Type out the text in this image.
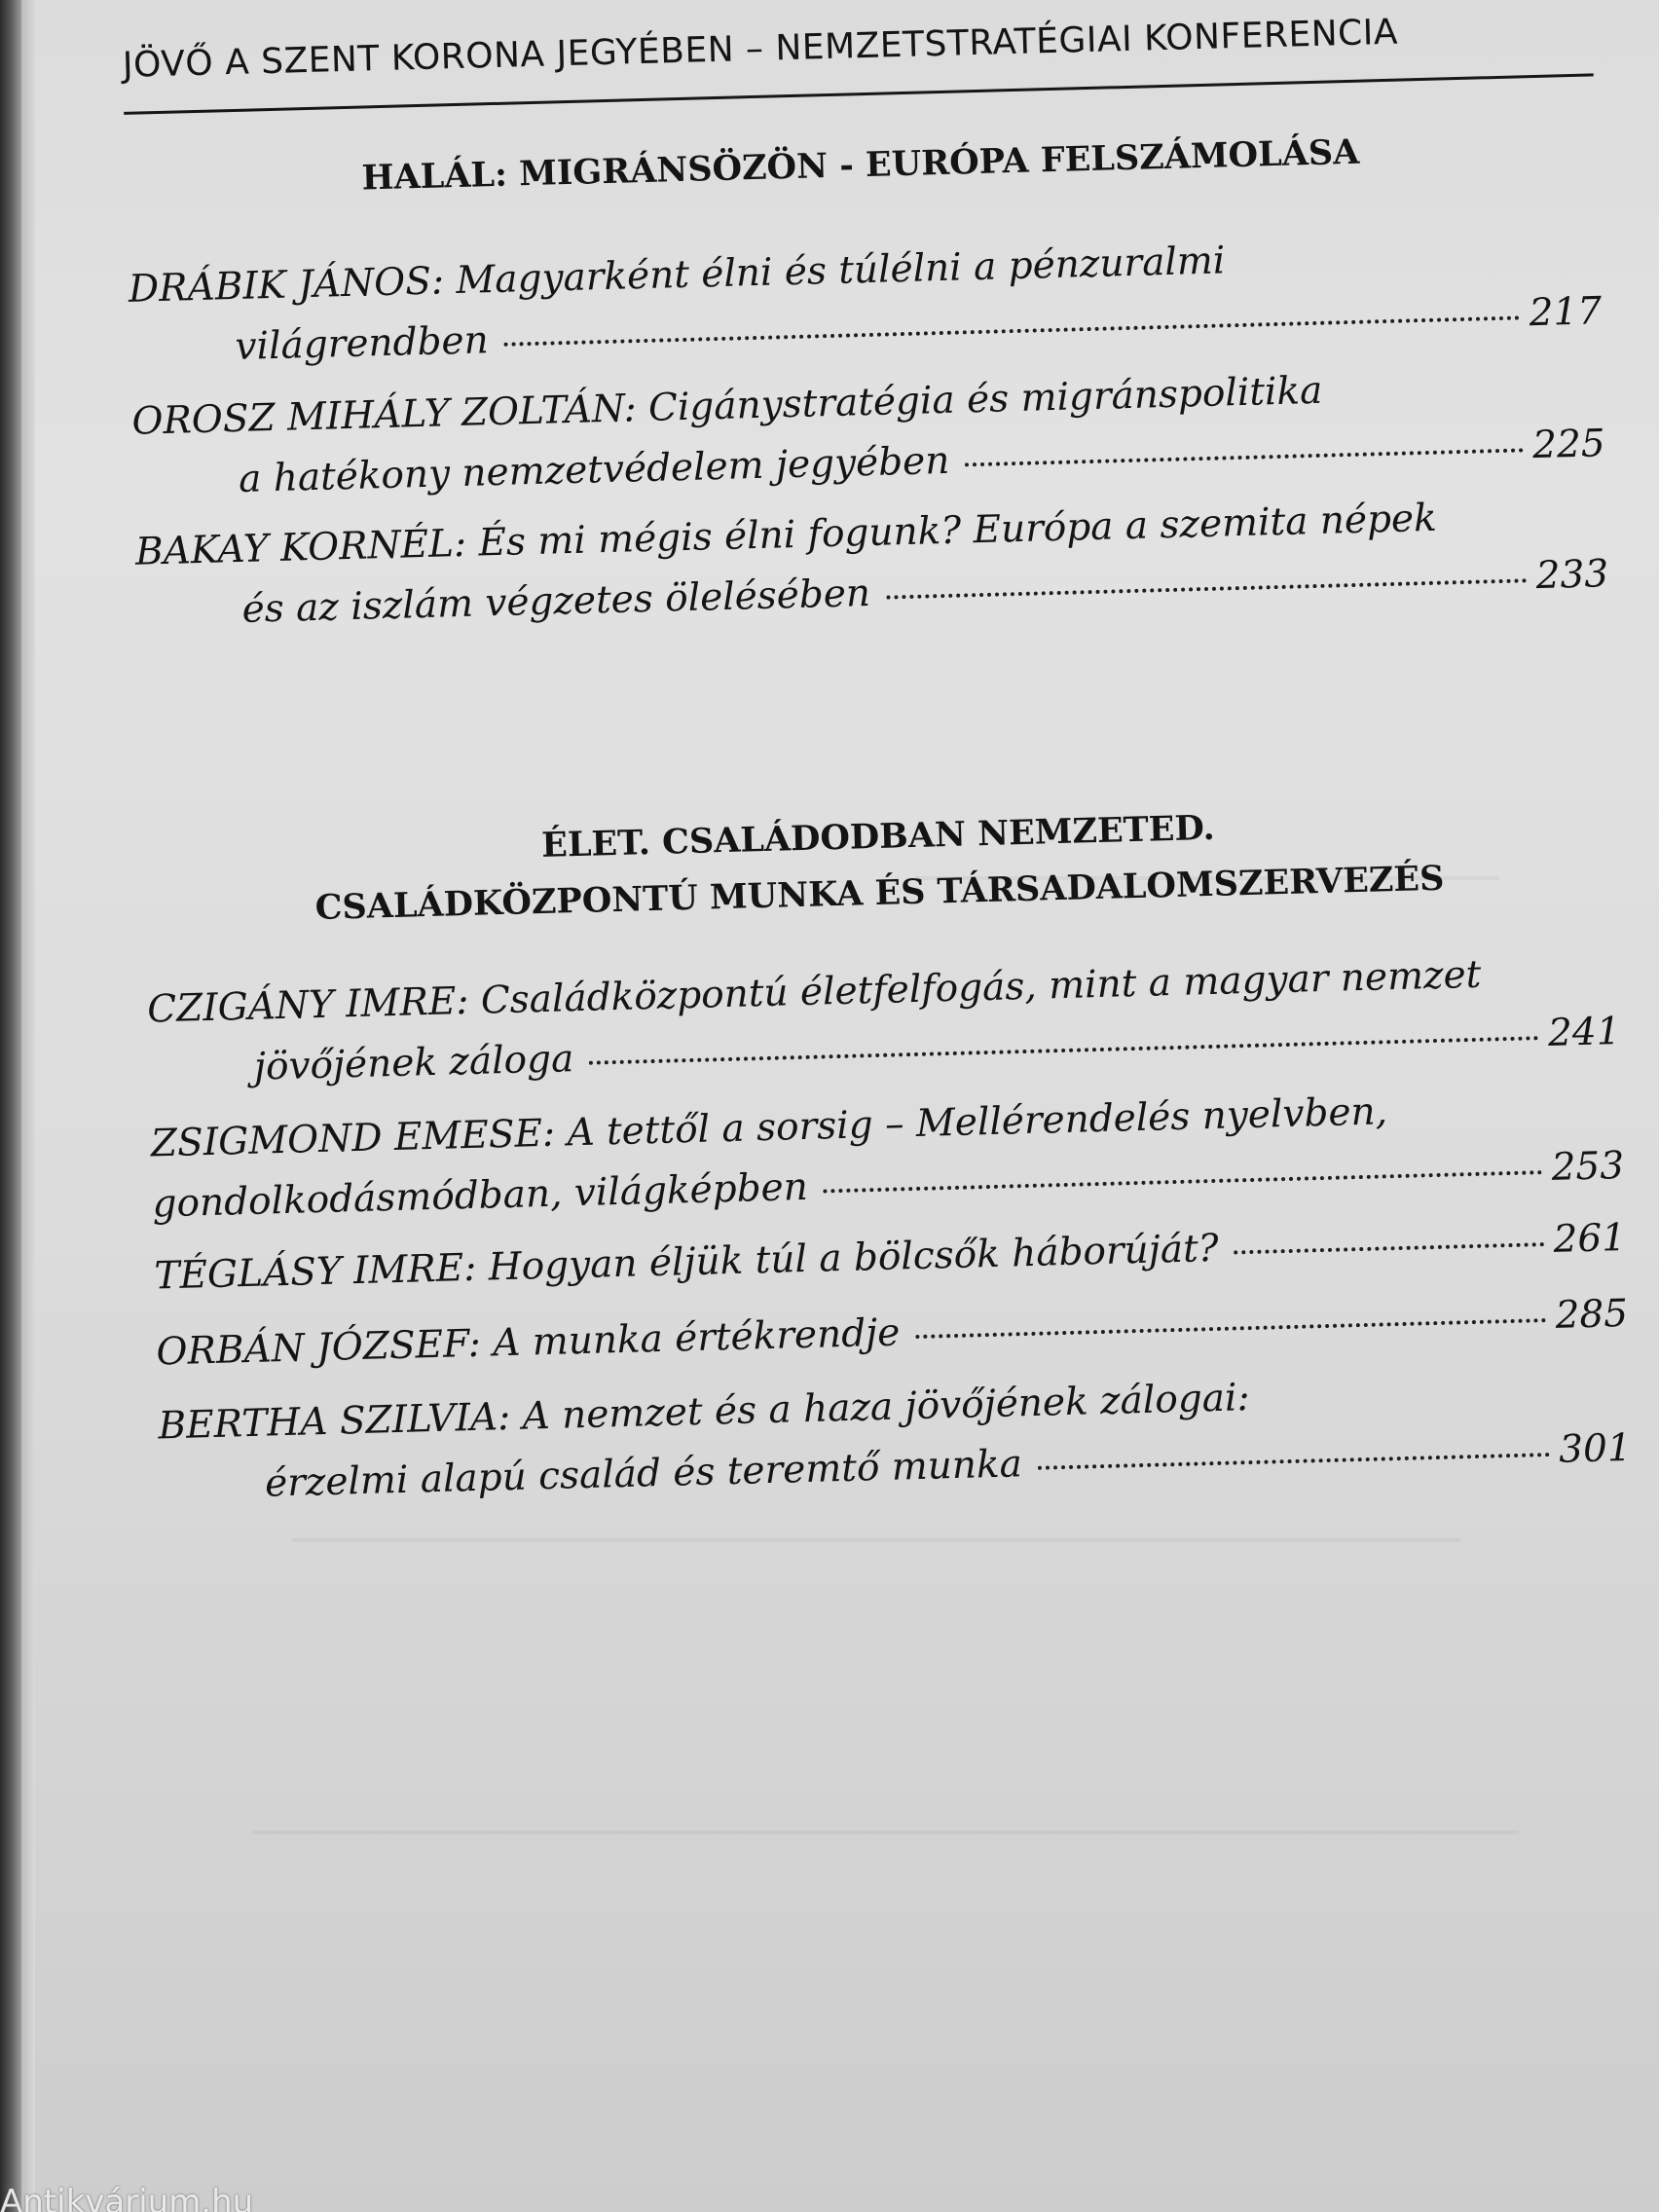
JÖVŐ A SZENT KORONA JEGYÉBEN – NEMZETSTRATÉGIAI KONFERENCIA
HALÁL: MIGRÁNSÖZÖN - EURÓPA FELSZÁMOLÁSA
DRÁBIK JÁNOS:
Magyarként élni és túlélni a pénzuralmi
világrendben
217
OROSZ MIHÁLY ZOLTÁN:
Cigánystratégia és migránspolitika
a hatékony nemzetvédelem jegyében	225
BAKAY KORNÉL:
És mi mégis élni fogunk? Európa a szemita népek
és az iszlám végzetes ölelésében	233
ÉLET. CSALÁDODBAN NEMZETED.
CSALÁDKÖZPONTÚ MUNKA ÉS TÁRSADALOMSZERVEZÉS
CZIGÁNY IMRE:
Családközpontú életfelfogás, mint a magyar nemzet
jövőjének záloga
241
ZSIGMOND EMESE:
A tettől a sorsig – Mellérendelés nyelvben,
gondolkodásmódban, világképben	253
TÉGLÁSY IMRE:
Hogyan éljük túl a bölcsők háborúját?	261
ORBÁN JÓZSEF:
A munka értékrendje	285
BERTHA SZILVIA:
A nemzet és a haza jövőjének zálogai:
érzelmi alapú család és teremtő munka	301
Antikvárium.hu
